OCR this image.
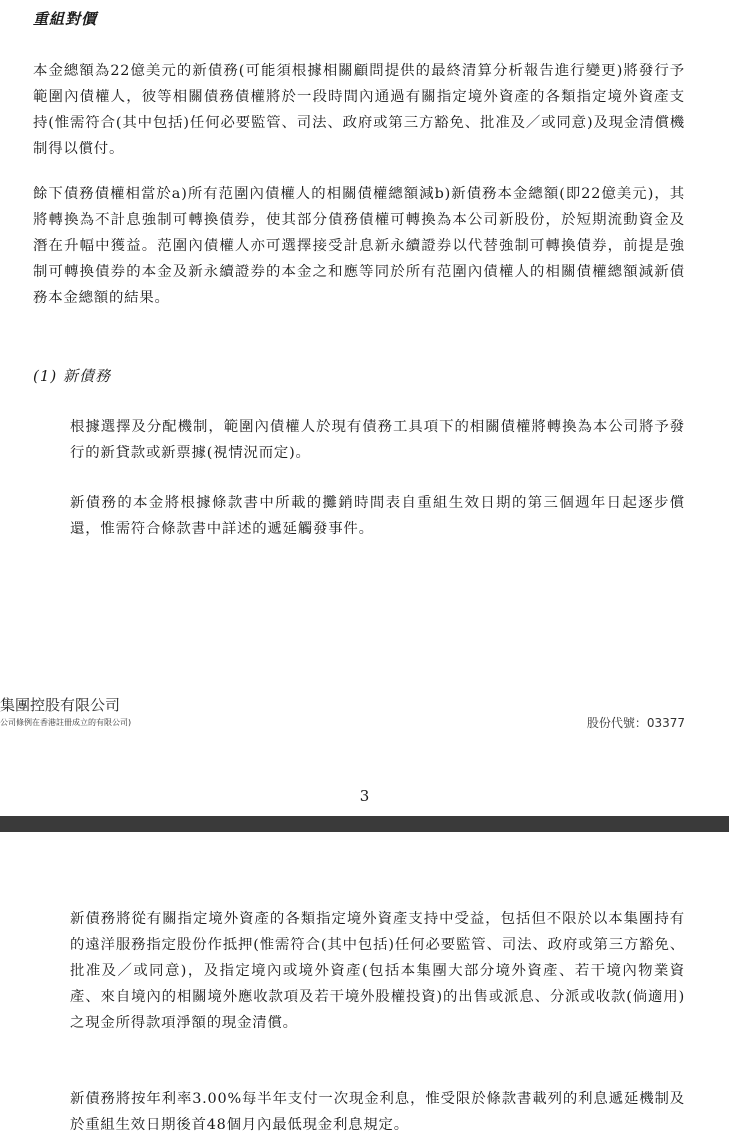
重組對價

本金總額為22億美元的新債務(可能須根據相關顧問提供的最終清算分析報告進行變更)將發行予範圍內債權人，彼等相關債務債權將於一段時間內通過有關指定境外資產的各類指定境外資產支持(惟需符合(其中包括)任何必要監管、司法、政府或第三方豁免、批准及／或同意)及現金清償機制得以償付。

餘下債務債權相當於a)所有范圍內債權人的相關債權總額減b)新債務本金總額(即22億美元)，其將轉換為不計息強制可轉換債券，使其部分債務債權可轉換為本公司新股份，於短期流動資金及潛在升幅中獲益。范圍內債權人亦可選擇接受計息新永續證券以代替強制可轉換債券，前提是強制可轉換債券的本金及新永續證券的本金之和應等同於所有范圍內債權人的相關債權總額減新債務本金總額的結果。

(1) 新債務

根據選擇及分配機制，範圍內債權人於現有債務工具項下的相關債權將轉換為本公司將予發行的新貸款或新票據(視情況而定)。

新債務的本金將根據條款書中所載的攤銷時間表自重組生效日期的第三個週年日起逐步償還，惟需符合條款書中詳述的遞延觸發事件。

集團控股有限公司
公司條例在香港註冊成立的有限公司)	股份代號：03377
3

新債務將從有關指定境外資產的各類指定境外資產支持中受益，包括但不限於以本集團持有的遠洋服務指定股份作抵押(惟需符合(其中包括)任何必要監管、司法、政府或第三方豁免、批准及／或同意)，及指定境內或境外資產(包括本集團大部分境外資產、若干境內物業資產、來自境內的相關境外應收款項及若干境外股權投資)的出售或派息、分派或收款(倘適用)之現金所得款項淨額的現金清償。

新債務將按年利率3.00%每半年支付一次現金利息，惟受限於條款書載列的利息遞延機制及於重組生效日期後首48個月內最低現金利息規定。
